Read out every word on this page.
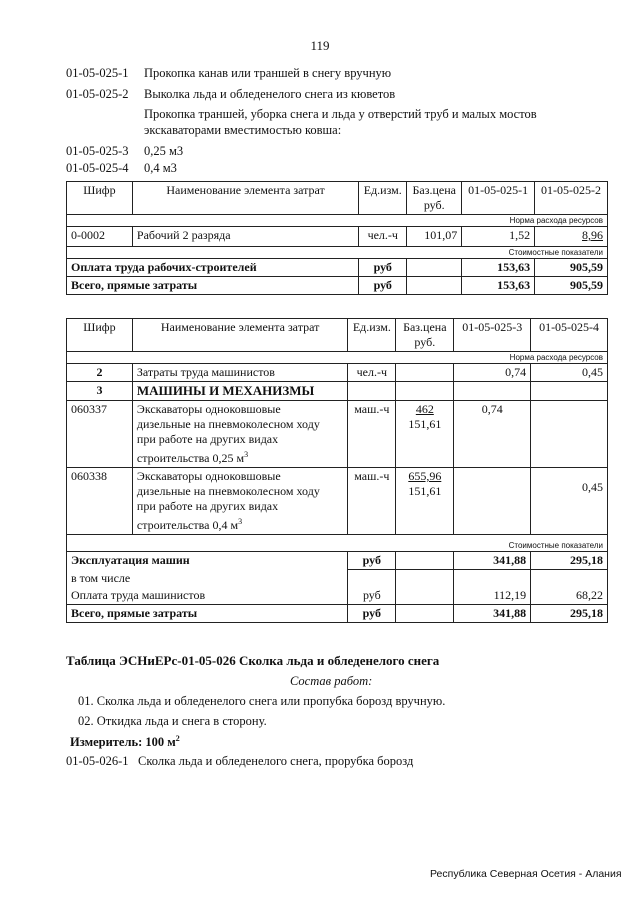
119
01-05-025-1 Прокопка канав или траншей в снегу вручную
01-05-025-2 Выколка льда и обледенелого снега из кюветов
Прокопка траншей, уборка снега и льда у отверстий труб и малых мостов
экскаваторами вместимостью ковша:
01-05-025-3 0,25 м3
01-05-025-4 0,4 м3
Шифр	Наименование элемента затрат	Ед.изм.	Баз.цена руб.	01-05-025-1	01-05-025-2
Норма расхода ресурсов					
0-0002	Рабочий 2 разряда	чел.-ч	101,07	1,52	8,96
Стоимостные показатели					
Оплата труда рабочих-строителей		руб		153,63	905,59
Всего, прямые затраты		руб		153,63	905,59
Шифр	Наименование элемента затрат	Ед.изм.	Баз.цена руб.	01-05-025-3	01-05-025-4
Норма расхода ресурсов					
2	Затраты труда машинистов	чел.-ч		0,74	0,45
3	МАШИНЫ И МЕХАНИЗМЫ				
060337	Экскаваторы одноковшовые
дизельные на пневмоколесном ходу
при работе на других видах
строительства 0,25 $м^3$	маш.-ч	462
151,61	0,74	
060338	Экскаваторы одноковшовые
дизельные на пневмоколесном ходу
при работе на других видах
строительства 0,4 $м^3$	маш.-ч	655,96
151,61		0,45
Стоимостные показатели					
Эксплуатация машин		руб		341,88	295,18
в том числе					
Оплата труда машинистов		руб		112,19	68,22
Всего, прямые затраты		руб		341,88	295,18
Таблица ЭСНиЕРс-01-05-026 Сколка льда и обледенелого снега
Состав работ:
01. Сколка льда и обледенелого снега или пропубка борозд вручную.
02. Откидка льда и снега в сторону.
Измеритель: 100 $м^2$
01-05-026-1 Сколка льда и обледенелого снега, прорубка борозд
Республика Северная Осетия - Алания
